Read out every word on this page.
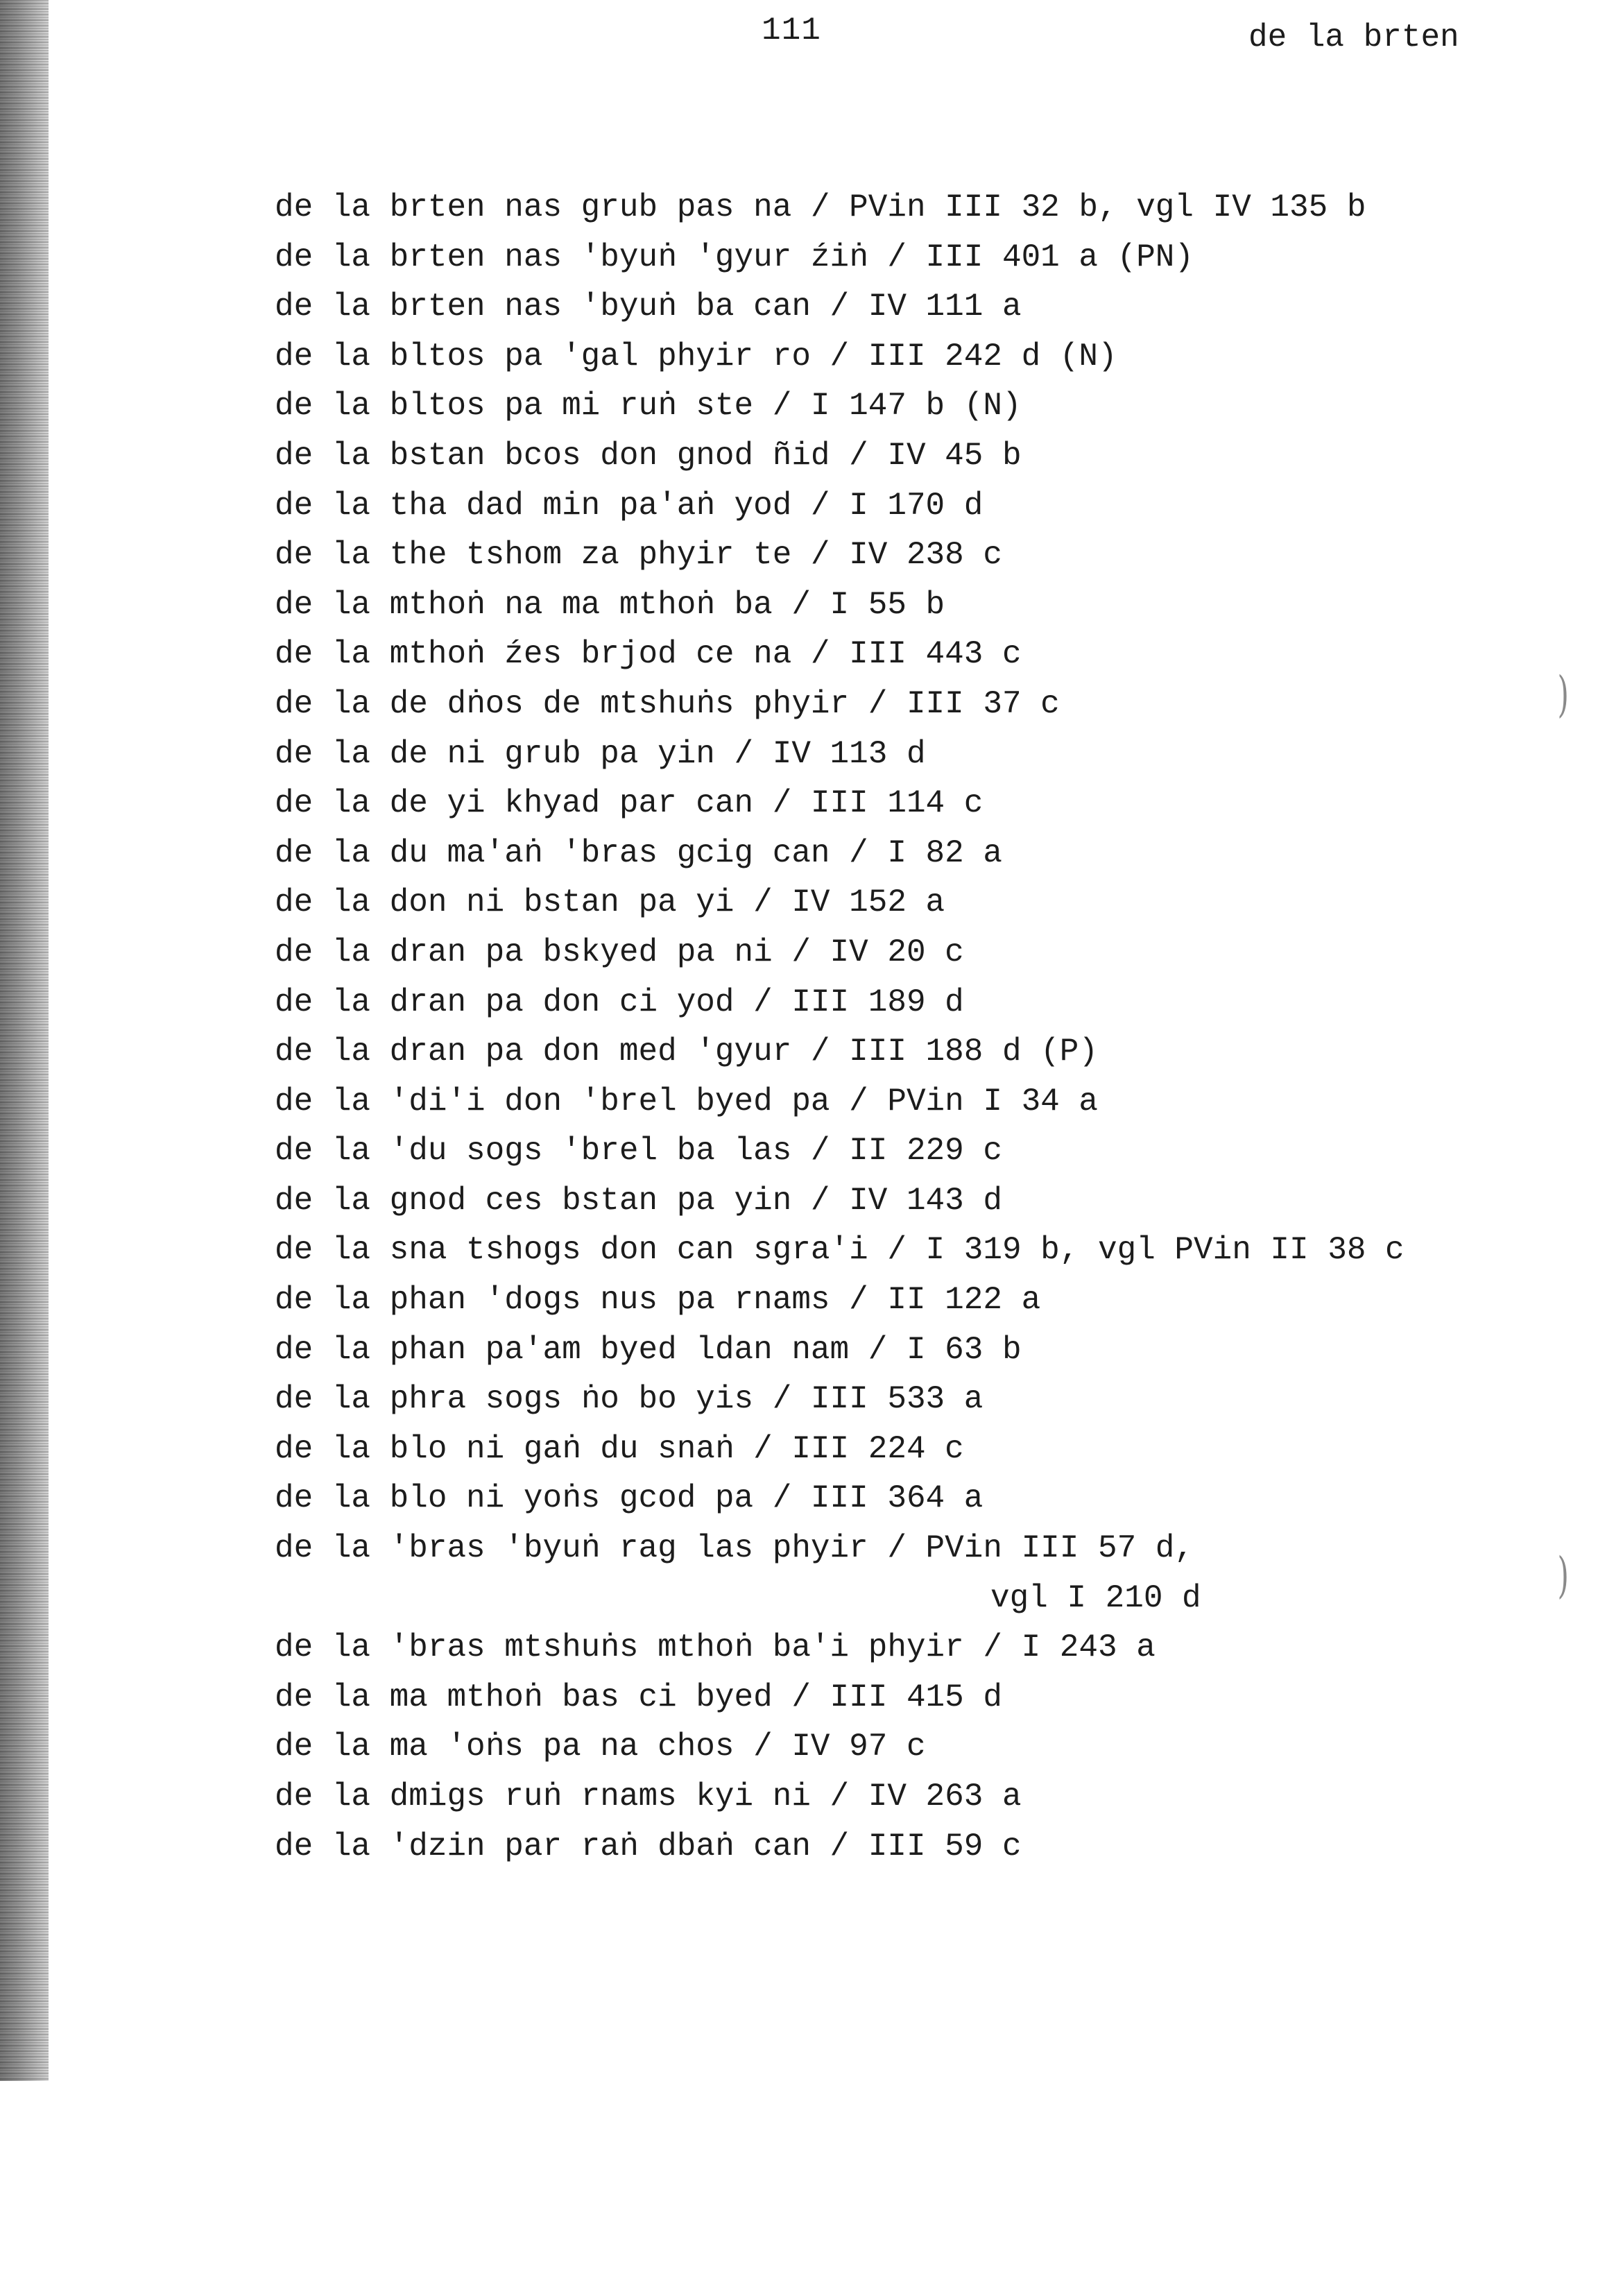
111	de la brten
de la brten nas grub pas na / PVin III 32 b, vgl IV 135 b
de la brten nas 'byuṅ 'gyur źiṅ / III 401 a (PN)
de la brten nas 'byuṅ ba can / IV 111 a
de la bltos pa 'gal phyir ro / III 242 d (N)
de la bltos pa mi ruṅ ste / I 147 b (N)
de la bstan bcos don gnod ñid / IV 45 b
de la tha dad min pa'aṅ yod / I 170 d
de la the tshom za phyir te / IV 238 c
de la mthoṅ na ma mthoṅ ba / I 55 b
de la mthoṅ źes brjod ce na / III 443 c
de la de dṅos de mtshuṅs phyir / III 37 c
de la de ni grub pa yin / IV 113 d
de la de yi khyad par can / III 114 c
de la du ma'aṅ 'bras gcig can / I 82 a
de la don ni bstan pa yi / IV 152 a
de la dran pa bskyed pa ni / IV 20 c
de la dran pa don ci yod / III 189 d
de la dran pa don med 'gyur / III 188 d (P)
de la 'di'i don 'brel byed pa / PVin I 34 a
de la 'du sogs 'brel ba las / II 229 c
de la gnod ces bstan pa yin / IV 143 d
de la sna tshogs don can sgra'i / I 319 b, vgl PVin II 38 c
de la phan 'dogs nus pa rnams / II 122 a
de la phan pa'am byed ldan nam / I 63 b
de la phra sogs ṅo bo yis / III 533 a
de la blo ni gaṅ du snaṅ / III 224 c
de la blo ni yoṅs gcod pa / III 364 a
de la 'bras 'byuṅ rag las phyir / PVin III 57 d,
vgl I 210 d
de la 'bras mtshuṅs mthoṅ ba'i phyir / I 243 a
de la ma mthoṅ bas ci byed / III 415 d
de la ma 'oṅs pa na chos / IV 97 c
de la dmigs ruṅ rnams kyi ni / IV 263 a
de la 'dzin par raṅ dbaṅ can / III 59 c
)
)
